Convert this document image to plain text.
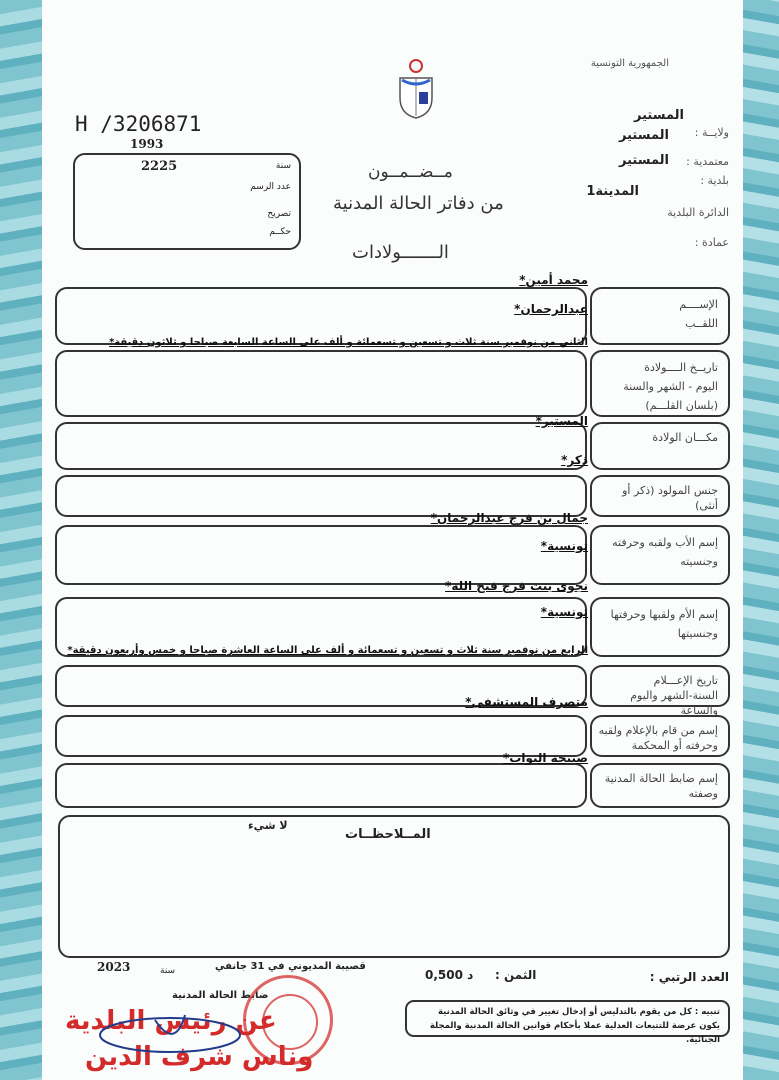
الجمهورية التونسية
المستير
ولايــة :
المستير
معتمدية :
المستير
بلدية :
المدينة1
الدائرة البلدية
عمادة :
H /3206871
1993
مــضــمــون
من دفاتر الحالة المدنية
الـــــــولادات
2225	سنة
عدد الرسم
تصريح
حكــم
الإســــم
اللقــب
محمد أمين*
عبدالرحمان*
تاريــخ الــــولادة
اليوم - الشهر والسنة
(بلسان القلـــم)
الثاني من نوفمبر سنة ثلاث و تسعين و تسعمائة و ألف على الساعة السابعة صباحا و ثلاثون دقيقة*
مكـــان الولادة
المستير*
جنس المولود (ذكر أو أنثى)
ذكر*
إسم الأب ولقبه وحرفته
وجنسيته
جمال بن فرج عبدالرحمان*
تونسية*
إسم الأم ولقبها وحرفتها
وجنسيتها
نجوى بنت فرج فتح الله*
تونسية*
تاريخ الإعـــلام
السنة-الشهر واليوم والساعة
الرابع من نوفمبر سنة ثلاث و تسعين و تسعمائة و ألف على الساعة العاشرة صباحا و خمس وأربعون دقيقة*
إسم من قام بالإعلام ولقبه
وحرفته أو المحكمة
متصرف المستشفى*
إسم ضابط الحالة المدنية
وصفته
صبيحة البواب*
المــلاحظــات
لا شيء
العدد الرتبي :
الثمن :
0,500 د
قصيبة المديوني في 31 جانفي
سنة
2023
ضابط الحالة المدنية
عن رئيس البلدية
وناس شرف الدين
تنبيه : كل من يقوم بالتدليس أو إدخال تغيير في وثائق الحالة المدنية يكون عرضة للتتبعات العدلية عملا بأحكام قوانين الحالة المدنية والمجلة الجنائية.
